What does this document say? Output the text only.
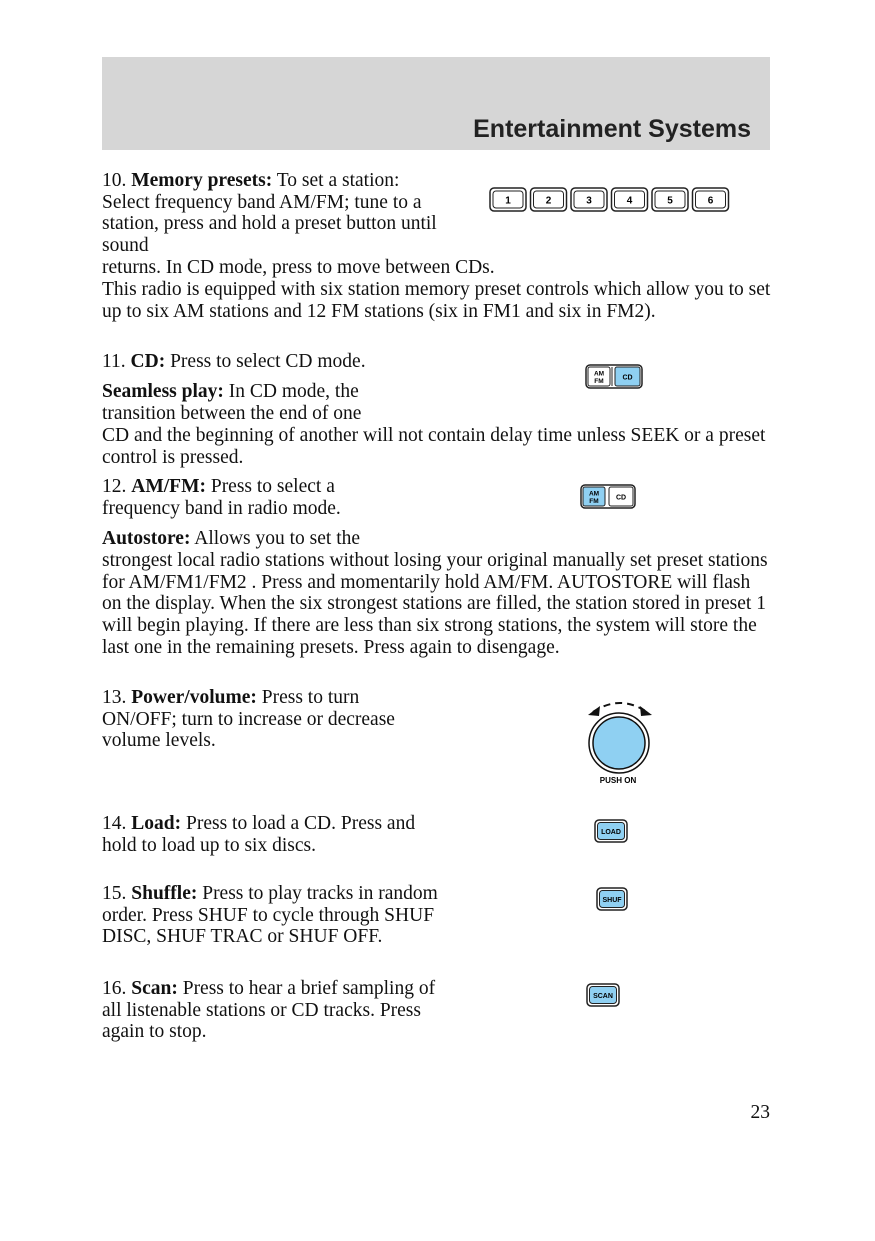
Entertainment Systems
10. Memory presets: To set a station: Select frequency band AM/FM; tune to a station, press and hold a preset button until sound
returns. In CD mode, press to move between CDs.
This radio is equipped with six station memory preset controls which allow you to set up to six AM stations and 12 FM stations (six in FM1 and six in FM2).
1	2	3	4	5	6
11. CD: Press to select CD mode.
Seamless play: In CD mode, the transition between the end of one
CD and the beginning of another will not contain delay time unless SEEK or a preset control is pressed.
AM
FM	CD
12. AM/FM: Press to select a frequency band in radio mode.
Autostore: Allows you to set the
strongest local radio stations without losing your original manually set preset stations for AM/FM1/FM2 . Press and momentarily hold AM/FM. AUTOSTORE will flash on the display. When the six strongest stations are filled, the station stored in preset 1 will begin playing. If there are less than six strong stations, the system will store the last one in the remaining presets. Press again to disengage.
AM
FM CD
13. Power/volume: Press to turn ON/OFF; turn to increase or decrease volume levels.
PUSH ON
14. Load: Press to load a CD. Press and hold to load up to six discs.
LOAD
15. Shuffle: Press to play tracks in random order. Press SHUF to cycle through SHUF DISC, SHUF TRAC or SHUF OFF.
SHUF
16. Scan: Press to hear a brief sampling of all listenable stations or CD tracks. Press again to stop.
SCAN
23
